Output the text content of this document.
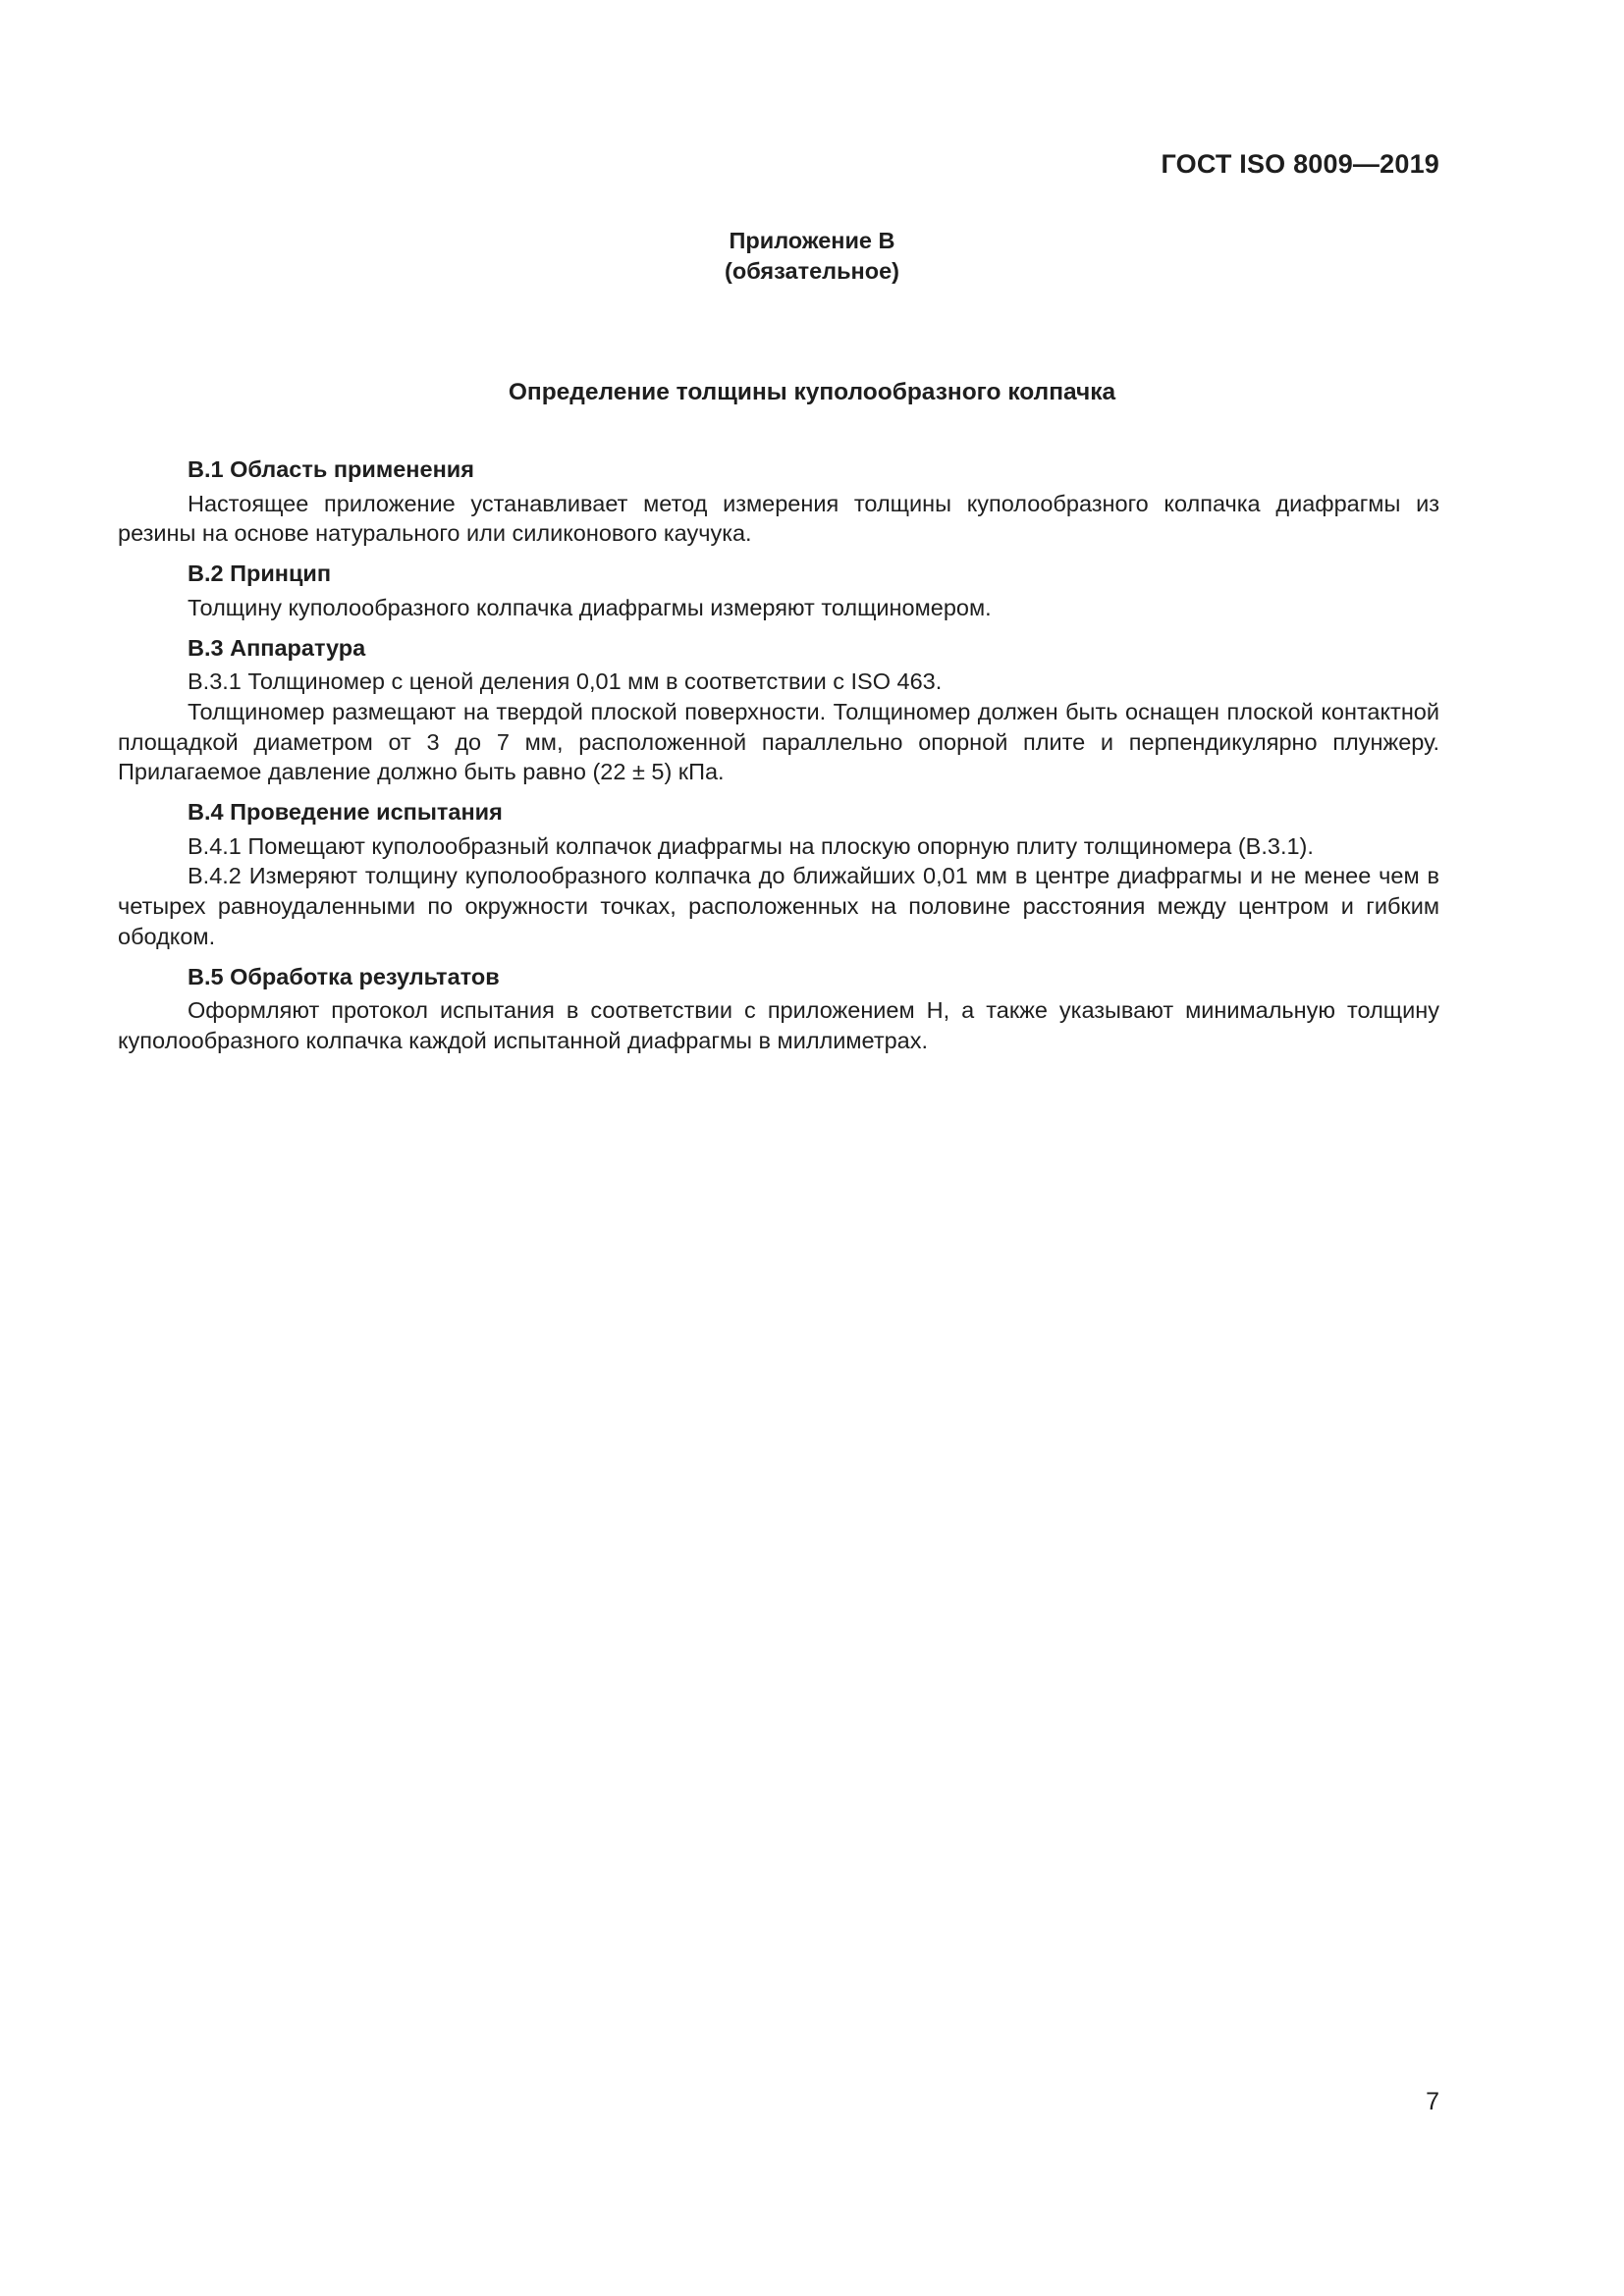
ГОСТ ISO 8009—2019
Приложение В
(обязательное)
Определение толщины куполообразного колпачка

В.1 Область применения

Настоящее приложение устанавливает метод измерения толщины куполообразного колпачка диафрагмы из резины на основе натурального или силиконового каучука.

В.2 Принцип

Толщину куполообразного колпачка диафрагмы измеряют толщиномером.

В.3 Аппаратура

В.3.1 Толщиномер с ценой деления 0,01 мм в соответствии с ISO 463.

Толщиномер размещают на твердой плоской поверхности. Толщиномер должен быть оснащен плоской контактной площадкой диаметром от 3 до 7 мм, расположенной параллельно опорной плите и перпендикулярно плунжеру. Прилагаемое давление должно быть равно (22 ± 5) кПа.

В.4 Проведение испытания

В.4.1 Помещают куполообразный колпачок диафрагмы на плоскую опорную плиту толщиномера (В.3.1).

В.4.2 Измеряют толщину куполообразного колпачка до ближайших 0,01 мм в центре диафрагмы и не менее чем в четырех равноудаленными по окружности точках, расположенных на половине расстояния между центром и гибким ободком.

В.5 Обработка результатов

Оформляют протокол испытания в соответствии с приложением Н, а также указывают минимальную толщину куполообразного колпачка каждой испытанной диафрагмы в миллиметрах.

7
